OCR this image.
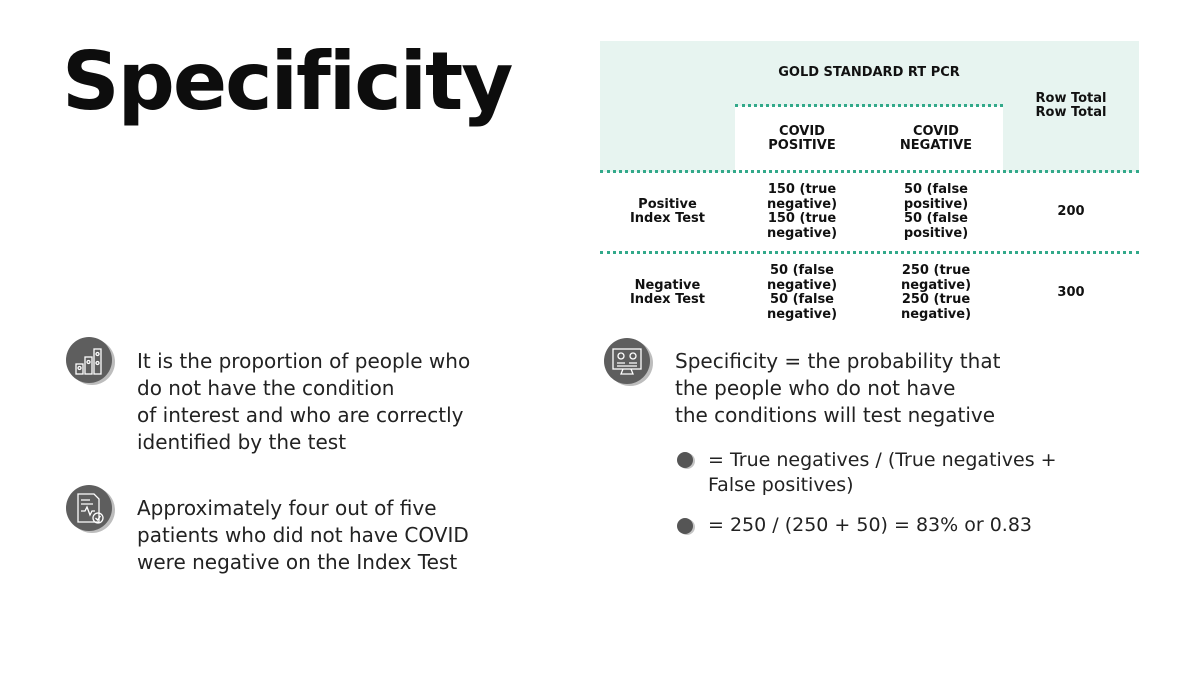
Specificity	GOLD STANDARD RT PCR
COVID
POSITIVE
COVID
NEGATIVE
Row Total
Row Total
Positive
Index Test
150 (true
negative)
150 (true
negative)
50 (false
positive)
50 (false
positive)
200
Negative
Index Test
50 (false
negative)
50 (false
negative)
250 (true
negative)
250 (true
negative)
300
It is the proportion of people who
do not have the condition
of interest and who are correctly
identified by the test
Approximately four out of five
patients who did not have COVID
were negative on the Index Test
Specificity = the probability that
the people who do not have
the conditions will test negative
= True negatives / (True negatives +
False positives)
= 250 / (250 + 50) = 83% or 0.83
